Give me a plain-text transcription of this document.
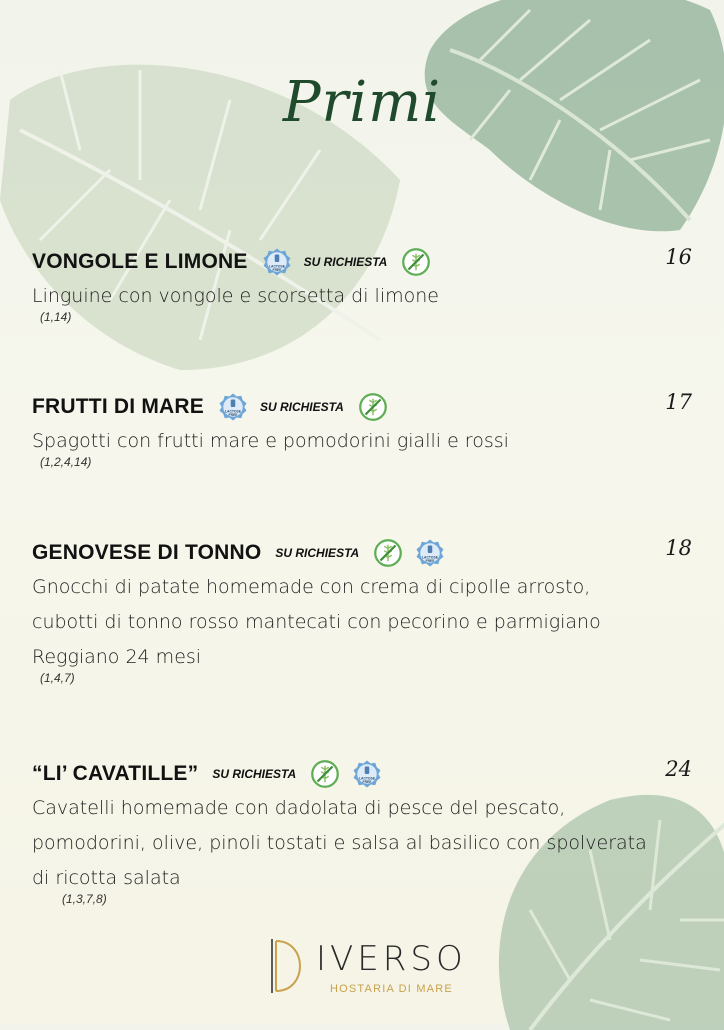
Primi
VONGOLE E LIMONE	LACTOSE
FREE
SU RICHIESTA	16
Linguine con vongole e scorsetta di limone
(1,14)
FRUTTI DI MARE	LACTOSE
FREE
SU RICHIESTA	17
Spagotti con frutti mare e pomodorini gialli e rossi
(1,2,4,14)
GENOVESE DI TONNO SU RICHIESTA	LACTOSE
FREE
18
Gnocchi di patate homemade con crema di cipolle arrosto, cubotti di tonno rosso mantecati con pecorino e parmigiano Reggiano 24 mesi
(1,4,7)
“LI’ CAVATILLE” SU RICHIESTA	LACTOSE
FREE
24
Cavatelli homemade con dadolata di pesce del pescato, pomodorini, olive, pinoli tostati e salsa al basilico con spolverata di ricotta salata
(1,3,7,8)
IVERSO
HOSTARIA DI MARE
